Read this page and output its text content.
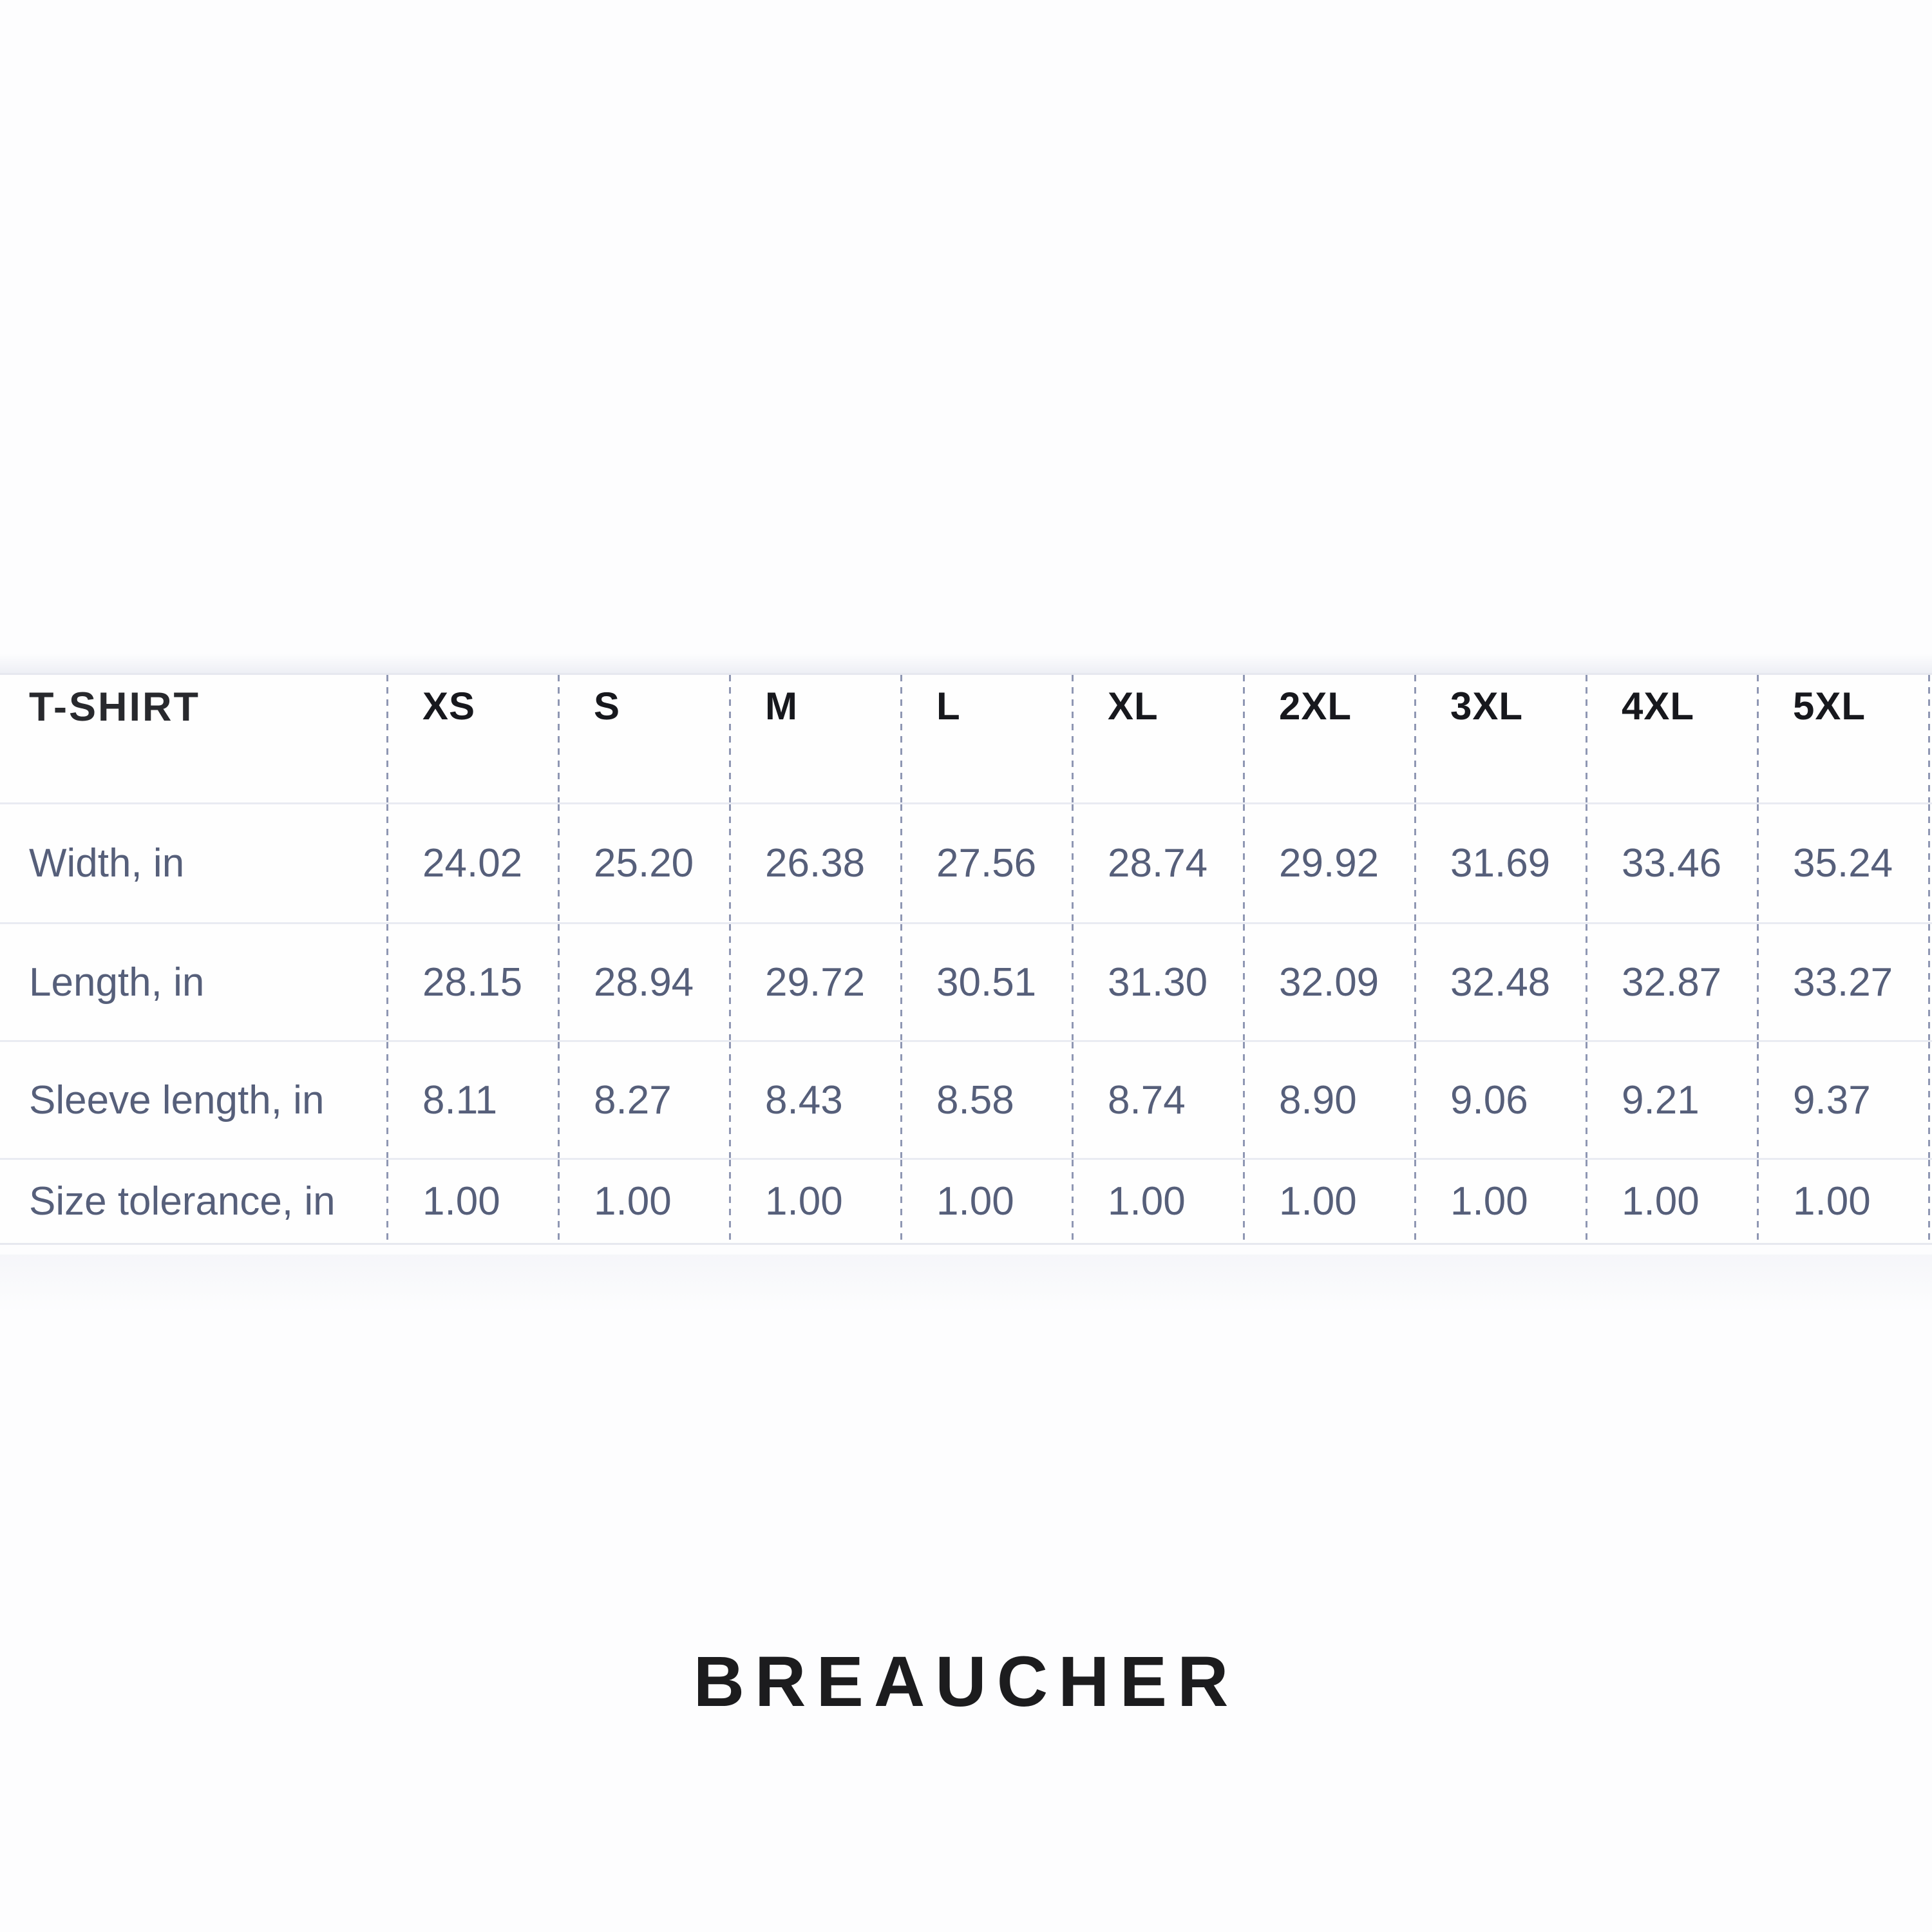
T-SHIRT	XS	S	M	L	XL	2XL	3XL	4XL	5XL	
Width, in	24.02	25.20	26.38	27.56	28.74	29.92	31.69	33.46	35.24	
Length, in	28.15	28.94	29.72	30.51	31.30	32.09	32.48	32.87	33.27	
Sleeve length, in	8.11	8.27	8.43	8.58	8.74	8.90	9.06	9.21	9.37	
Size tolerance, in	1.00	1.00	1.00	1.00	1.00	1.00	1.00	1.00	1.00	
BREAUCHER
